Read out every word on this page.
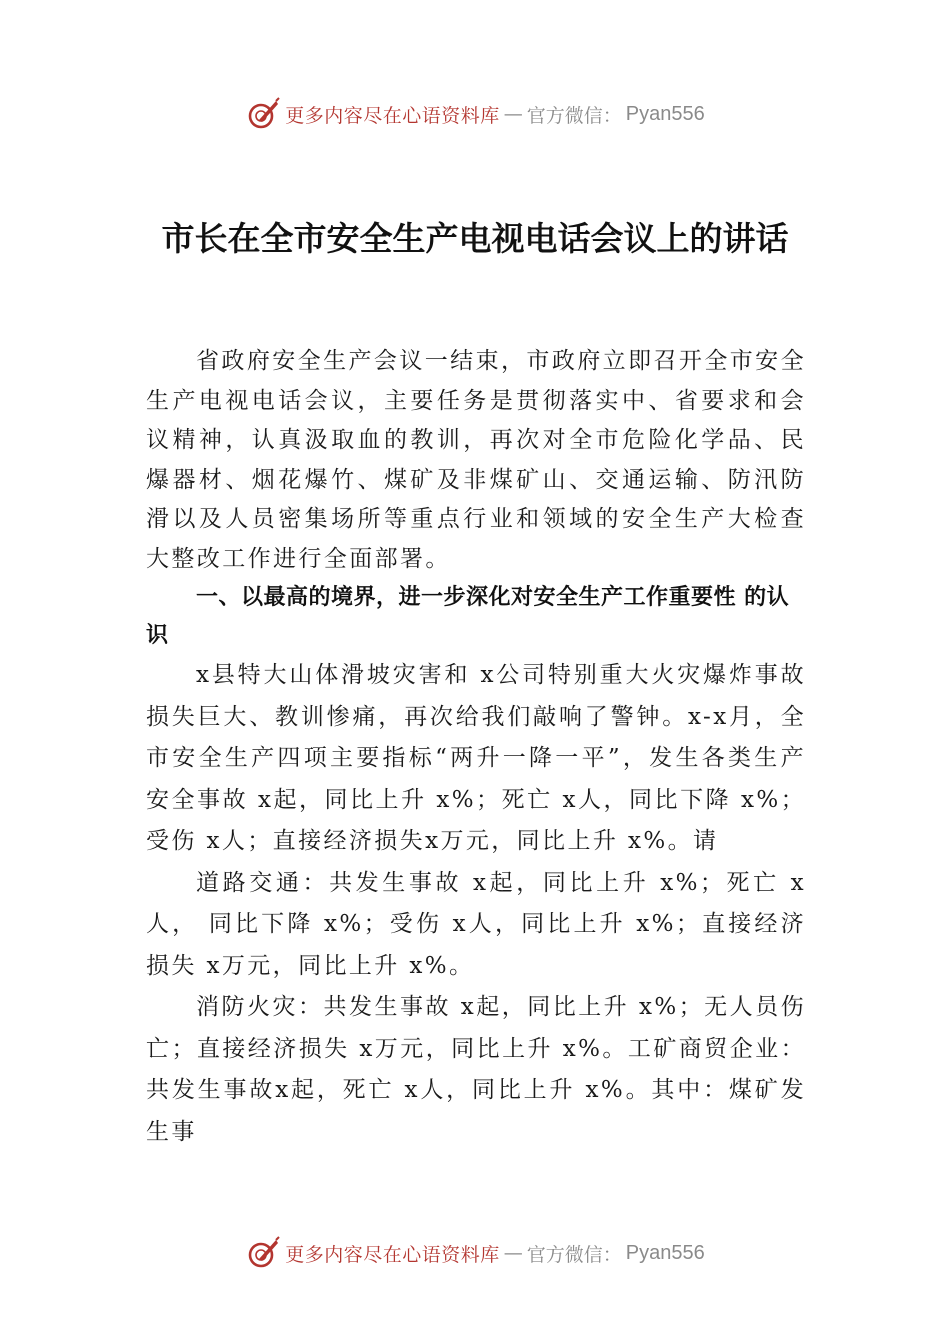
更多内容尽在心语资料库 — 官方微信： Pyan556
市长在全市安全生产电视电话会议上的讲话

省政府安全生产会议一结束，市政府立即召开全市安全生产电视电话会议，主要任务是贯彻落实中、省要求和会议精神，认真汲取血的教训，再次对全市危险化学品、民爆器材、烟花爆竹、煤矿及非煤矿山、交通运输、防汛防滑以及人员密集场所等重点行业和领域的安全生产大检查大整改工作进行全面部署。

一、以最高的境界，进一步深化对安全生产工作重要性 的认识

x县特大山体滑坡灾害和 x公司特别重大火灾爆炸事故损失巨大、教训惨痛，再次给我们敲响了警钟。x-x月，全市安全生产四项主要指标“两升一降一平”，发生各类生产安全事故 x起，同比上升 x%；死亡 x人，同比下降 x%；受伤 x人；直接经济损失x万元，同比上升 x%。请

道路交通：共发生事故 x起，同比上升 x%；死亡 x人， 同比下降 x%；受伤 x人，同比上升 x%；直接经济损失 x万元，同比上升 x%。

消防火灾：共发生事故 x起，同比上升 x%；无人员伤亡；直接经济损失 x万元，同比上升 x%。工矿商贸企业：共发生事故x起，死亡 x人，同比上升 x%。其中：煤矿发生事

更多内容尽在心语资料库 — 官方微信： Pyan556
